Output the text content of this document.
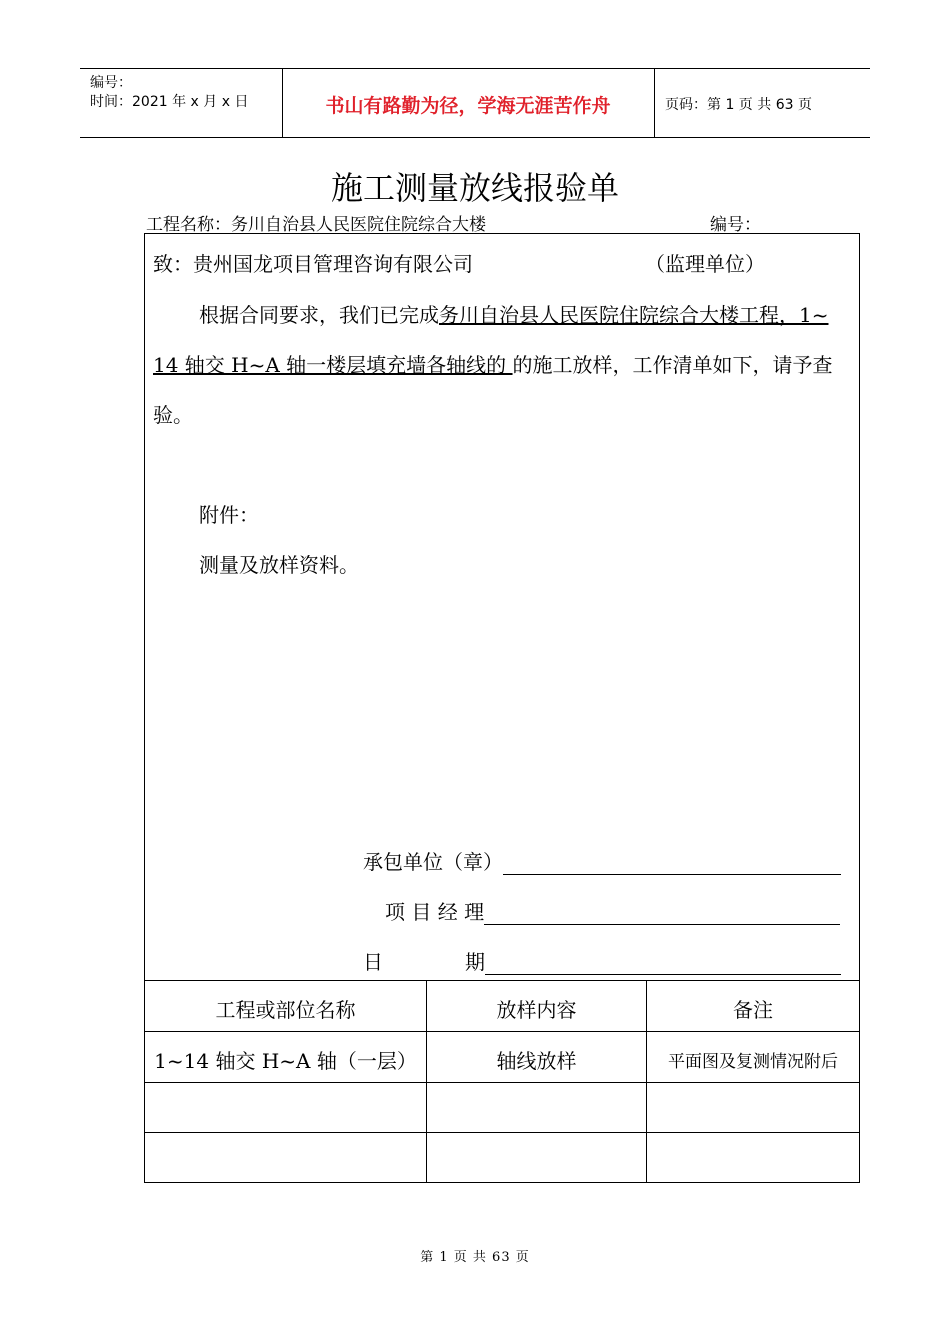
编号：
时间：2021 年 x 月 x 日	书山有路勤为径，学海无涯苦作舟	页码：第 1 页 共 63 页
施工测量放线报验单
工程名称：务川自治县人民医院住院综合大楼	编号：
致：贵州国龙项目管理咨询有限公司	（监理单位）
根据合同要求，我们已完成务川自治县人民医院住院综合大楼工程，1~
14 轴交 H~A 轴一楼层填充墙各轴线的 的施工放样，工作清单如下，请予查
验。
附件：
测量及放样资料。
承包单位（章）
项 目 经 理
日	期
工程或部位名称	放样内容	备注
1~14 轴交 H~A 轴（一层）	轴线放样	平面图及复测情况附后
第 1 页 共 63 页
